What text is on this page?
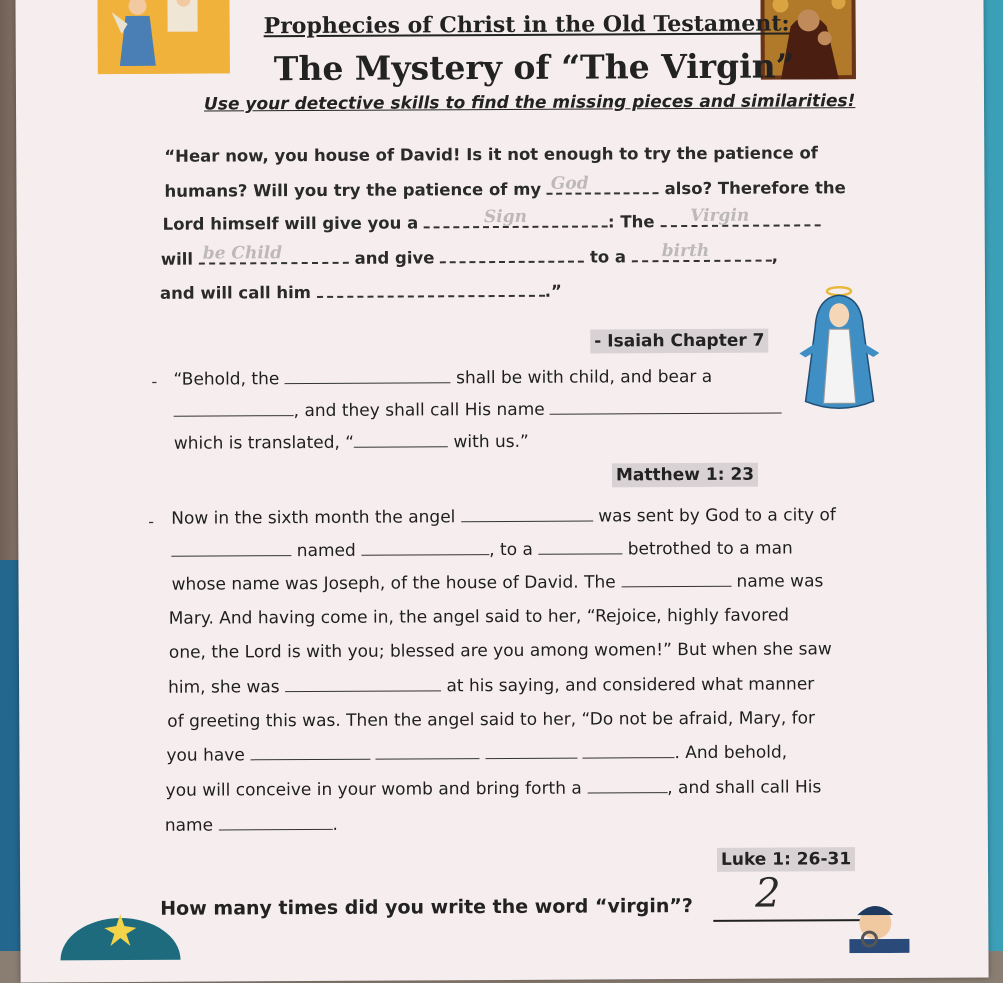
Prophecies of Christ in the Old Testament:
The Mystery of “The Virgin”
Use your detective skills to find the missing pieces and similarities!
“Hear now, you house of David! Is it not enough to try the patience of
humans? Will you try the patience of my God	also? Therefore the
Lord himself will give you a	Sign	: The Virgin
will be Child	and give	to a birth	,
and will call him	.”
- Isaiah Chapter 7
- “Behold, the	shall be with child, and bear a
, and they shall call His name
which is translated, “	with us.”
Matthew 1: 23
- Now in the sixth month the angel	was sent by God to a city of
named	, to a	betrothed to a man
whose name was Joseph, of the house of David. The	name was
Mary. And having come in, the angel said to her, “Rejoice, highly favored
one, the Lord is with you; blessed are you among women!” But when she saw
him, she was	at his saying, and considered what manner
of greeting this was. Then the angel said to her, “Do not be afraid, Mary, for
you have	. And behold,
you will conceive in your womb and bring forth a	, and shall call His
name	.
Luke 1: 26-31
How many times did you write the word “virgin”? 2
